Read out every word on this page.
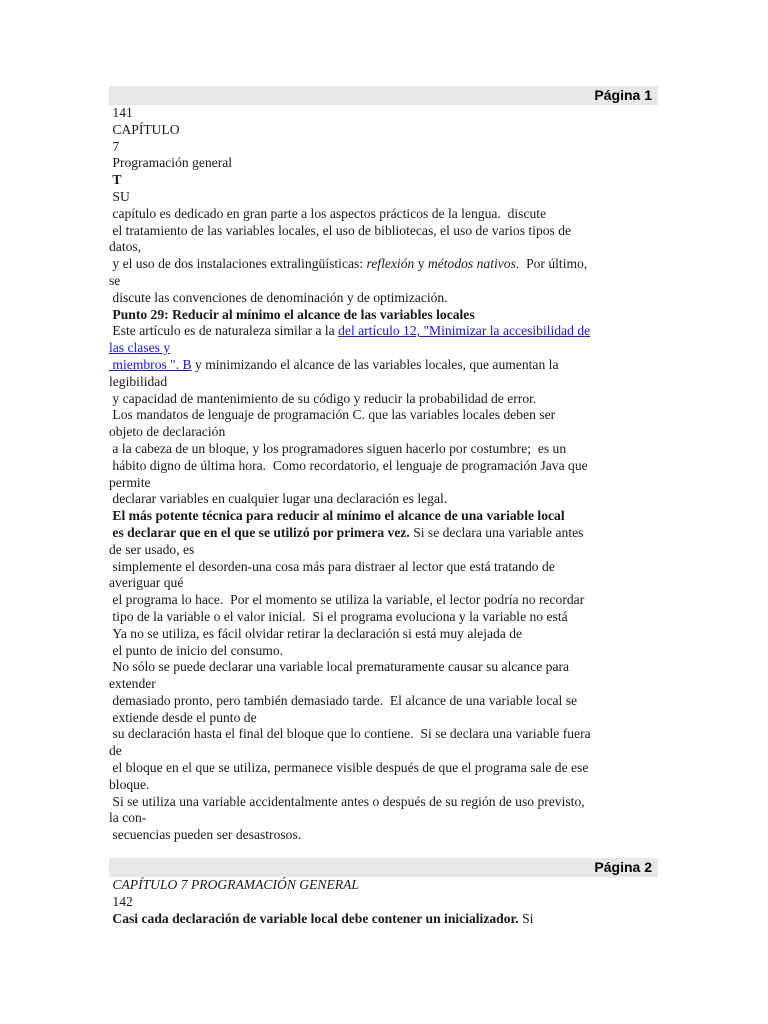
Página 1
141
CAPÍTULO
7
Programación general
T
SU
capítulo es dedicado en gran parte a los aspectos prácticos de la lengua.  discute
el tratamiento de las variables locales, el uso de bibliotecas, el uso de varios tipos de
datos,
y el uso de dos instalaciones extralingüísticas: reflexión y métodos nativos.  Por último,
se
discute las convenciones de denominación y de optimización.
Punto 29: Reducir al mínimo el alcance de las variables locales
Este artículo es de naturaleza similar a la del artículo 12, "Minimizar la accesibilidad de
las clases y
miembros ". B y minimizando el alcance de las variables locales, que aumentan la
legibilidad
y capacidad de mantenimiento de su código y reducir la probabilidad de error.
Los mandatos de lenguaje de programación C. que las variables locales deben ser
objeto de declaración
a la cabeza de un bloque, y los programadores siguen hacerlo por costumbre;  es un
hábito digno de última hora.  Como recordatorio, el lenguaje de programación Java que
permite
declarar variables en cualquier lugar una declaración es legal.
El más potente técnica para reducir al mínimo el alcance de una variable local
es declarar que en el que se utilizó por primera vez. Si se declara una variable antes
de ser usado, es
simplemente el desorden-una cosa más para distraer al lector que está tratando de
averiguar qué
el programa lo hace.  Por el momento se utiliza la variable, el lector podría no recordar
tipo de la variable o el valor inicial.  Si el programa evoluciona y la variable no está
Ya no se utiliza, es fácil olvidar retirar la declaración si está muy alejada de
el punto de inicio del consumo.
No sólo se puede declarar una variable local prematuramente causar su alcance para
extender
demasiado pronto, pero también demasiado tarde.  El alcance de una variable local se
extiende desde el punto de
su declaración hasta el final del bloque que lo contiene.  Si se declara una variable fuera
de
el bloque en el que se utiliza, permanece visible después de que el programa sale de ese
bloque.
Si se utiliza una variable accidentalmente antes o después de su región de uso previsto,
la con-
secuencias pueden ser desastrosos.
Página 2
CAPÍTULO 7 PROGRAMACIÓN GENERAL
142
Casi cada declaración de variable local debe contener un inicializador. Si
